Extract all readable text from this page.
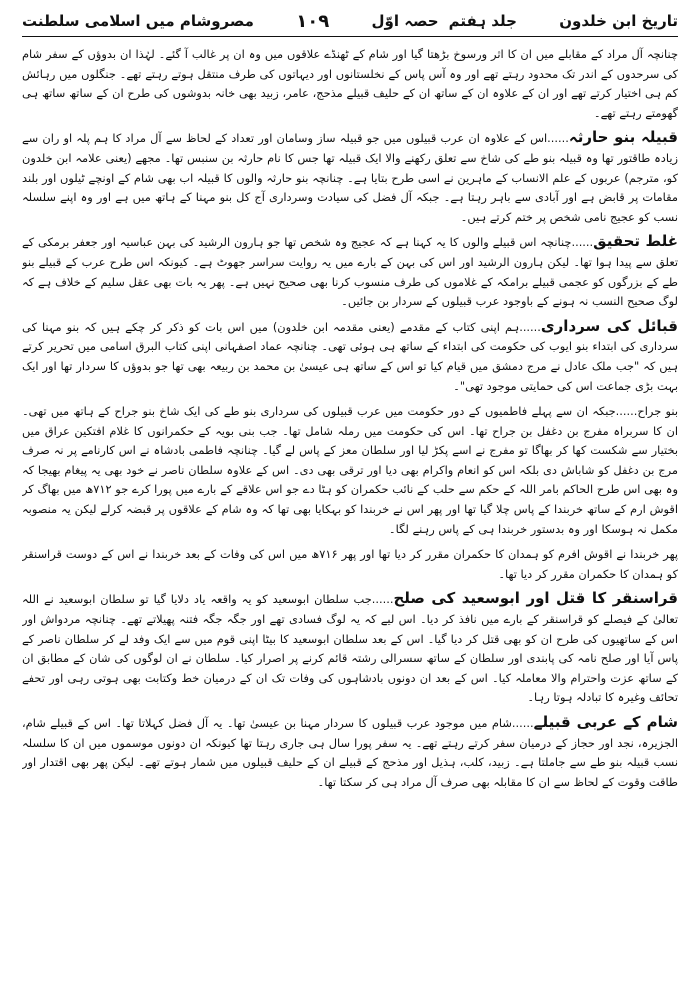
تاریخ ابن خلدون
جلد ہفتم
حصہ اوّل
١٠٩
مصروشام میں اسلامی سلطنت

چنانچہ آل مراد کے مقابلے میں ان کا اثر ورسوخ بڑھتا گیا اور شام کے ٹھنڈے علاقوں میں وہ ان پر غالب آ گئے۔ لہٰذا ان بدوؤں کے سفر شام کی سرحدوں کے اندر تک محدود رہتے تھے اور وہ آس پاس کے نخلستانوں اور دیہاتوں کی طرف منتقل ہوتے رہتے تھے۔ جنگلوں میں رہائش کم ہی اختیار کرتے تھے اور ان کے علاوہ ان کے ساتھ ان کے حلیف قبیلے مذحج، عامر، زبید بھی خانہ بدوشوں کی طرح ان کے ساتھ ساتھ ہی گھومتے رہتے تھے۔

قبیلہ بنو حارثہ......اس کے علاوہ ان عرب قبیلوں میں جو قبیلہ ساز وسامان اور تعداد کے لحاظ سے آل مراد کا ہم پلہ او ران سے زیادہ طاقتور تھا وہ قبیلہ بنو طے کی شاخ سے تعلق رکھنے والا ایک قبیلہ تھا جس کا نام حارثہ بن سنبس تھا۔ مجھے (یعنی علامہ ابن خلدون کو، مترجم) عربوں کے علم الانساب کے ماہرین نے اسی طرح بتایا ہے۔ چنانچہ بنو حارثہ والوں کا قبیلہ اب بھی شام کے اونچے ٹیلوں اور بلند مقامات پر قابض ہے اور آبادی سے باہر رہتا ہے۔ جبکہ آل فضل کی سیادت وسرداری آج کل بنو مہنا کے ہاتھ میں ہے اور وہ اپنے سلسلہ نسب کو عجیج نامی شخص پر ختم کرتے ہیں۔

غلط تحقیق......چنانچہ اس قبیلے والوں کا یہ کہنا ہے کہ عجیج وہ شخص تھا جو ہارون الرشید کی بہن عباسیہ اور جعفر برمکی کے تعلق سے پیدا ہوا تھا۔ لیکن ہارون الرشید اور اس کی بہن کے بارے میں یہ روایت سراسر جھوٹ ہے۔ کیونکہ اس طرح عرب کے قبیلے بنو طے کے بزرگوں کو عجمی قبیلے برامکہ کے غلاموں کی طرف منسوب کرنا بھی صحیح نہیں ہے۔ پھر یہ بات بھی عقل سلیم کے خلاف ہے کہ لوگ صحیح النسب نہ ہونے کے باوجود عرب قبیلوں کے سردار بن جائیں۔

قبائل کی سرداری......ہم اپنی کتاب کے مقدمے (یعنی مقدمہ ابن خلدون) میں اس بات کو ذکر کر چکے ہیں کہ بنو مہنا کی سرداری کی ابتداء بنو ایوب کی حکومت کی ابتداء کے ساتھ ہی ہوئی تھی۔ چنانچہ عماد اصفہانی اپنی کتاب البرق اسامی میں تحریر کرتے ہیں کہ "جب ملک عادل نے مرج دمشق میں قیام کیا تو اس کے ساتھ ہی عیسیٰ بن محمد بن ربیعہ بھی تھا جو بدوؤں کا سردار تھا اور ایک بہت بڑی جماعت اس کی حمایتی موجود تھی"۔

بنو جراح......جبکہ ان سے پہلے فاطمیوں کے دور حکومت میں عرب قبیلوں کی سرداری بنو طے کی ایک شاخ بنو جراح کے ہاتھ میں تھی۔ ان کا سربراہ مفرج بن دغفل بن جراح تھا۔ اس کی حکومت میں رملہ شامل تھا۔ جب بنی بویہ کے حکمرانوں کا غلام افتکین عراق میں بختیار سے شکست کھا کر بھاگا تو مفرج نے اسے پکڑ لیا اور سلطان معز کے پاس لے گیا۔ چنانچہ فاطمی بادشاہ نے اس کارنامے پر نہ صرف مرج بن دغفل کو شاباش دی بلکہ اس کو انعام واکرام بھی دیا اور ترقی بھی دی۔ اس کے علاوہ سلطان ناصر نے خود بھی یہ پیغام بھیجا کہ وہ بھی اس طرح الحاکم بامر اللہ کے حکم سے حلب کے نائب حکمران کو ہٹا دے جو اس علاقے کے بارے میں پورا کرے جو ۷۱۲ھ میں بھاگ کر اقوش ارم کے ساتھ خربندا کے پاس چلا گیا تھا اور پھر اس نے خربندا کو بہکایا بھی تھا کہ وہ شام کے علاقوں پر قبضہ کرلے لیکن یہ منصوبہ مکمل نہ ہوسکا اور وہ بدستور خربندا ہی کے پاس رہنے لگا۔

پھر خربندا نے اقوش افرم کو ہمدان کا حکمران مقرر کر دیا تھا اور پھر ۷۱۶ھ میں اس کی وفات کے بعد خربندا نے اس کے دوست قراسنقر کو ہمدان کا حکمران مقرر کر دیا تھا۔

قراسنقر کا قتل اور ابوسعید کی صلح......جب سلطان ابوسعید کو یہ واقعہ یاد دلایا گیا تو سلطان ابوسعید نے اللہ تعالیٰ کے فیصلے کو قراسنقر کے بارے میں نافذ کر دیا۔ اس لیے کہ یہ لوگ فسادی تھے اور جگہ جگہ فتنہ پھیلاتے تھے۔ چنانچہ مردواش اور اس کے ساتھیوں کی طرح ان کو بھی قتل کر دیا گیا۔ اس کے بعد سلطان ابوسعید کا بیٹا اپنی قوم میں سے ایک وفد لے کر سلطان ناصر کے پاس آیا اور صلح نامہ کی پابندی اور سلطان کے ساتھ سسرالی رشتہ قائم کرنے پر اصرار کیا۔ سلطان نے ان لوگوں کی شان کے مطابق ان کے ساتھ عزت واحترام والا معاملہ کیا۔ اس کے بعد ان دونوں بادشاہوں کی وفات تک ان کے درمیان خط وکتابت بھی ہوتی رہی اور تحفے تحائف وغیرہ کا تبادلہ ہوتا رہا۔

شام کے عربی قبیلے......شام میں موجود عرب قبیلوں کا سردار مہنا بن عیسیٰ تھا۔ یہ آل فضل کہلاتا تھا۔ اس کے قبیلے شام، الجزیرہ، نجد اور حجاز کے درمیان سفر کرتے رہتے تھے۔ یہ سفر پورا سال ہی جاری رہتا تھا کیونکہ ان دونوں موسموں میں ان کا سلسلہ نسب قبیلہ بنو طے سے جاملتا ہے۔ زبید، کلب، ہذیل اور مذحج کے قبیلے ان کے حلیف قبیلوں میں شمار ہوتے تھے۔ لیکن پھر بھی اقتدار اور طاقت وقوت کے لحاظ سے ان کا مقابلہ بھی صرف آل مراد ہی کر سکتا تھا۔
